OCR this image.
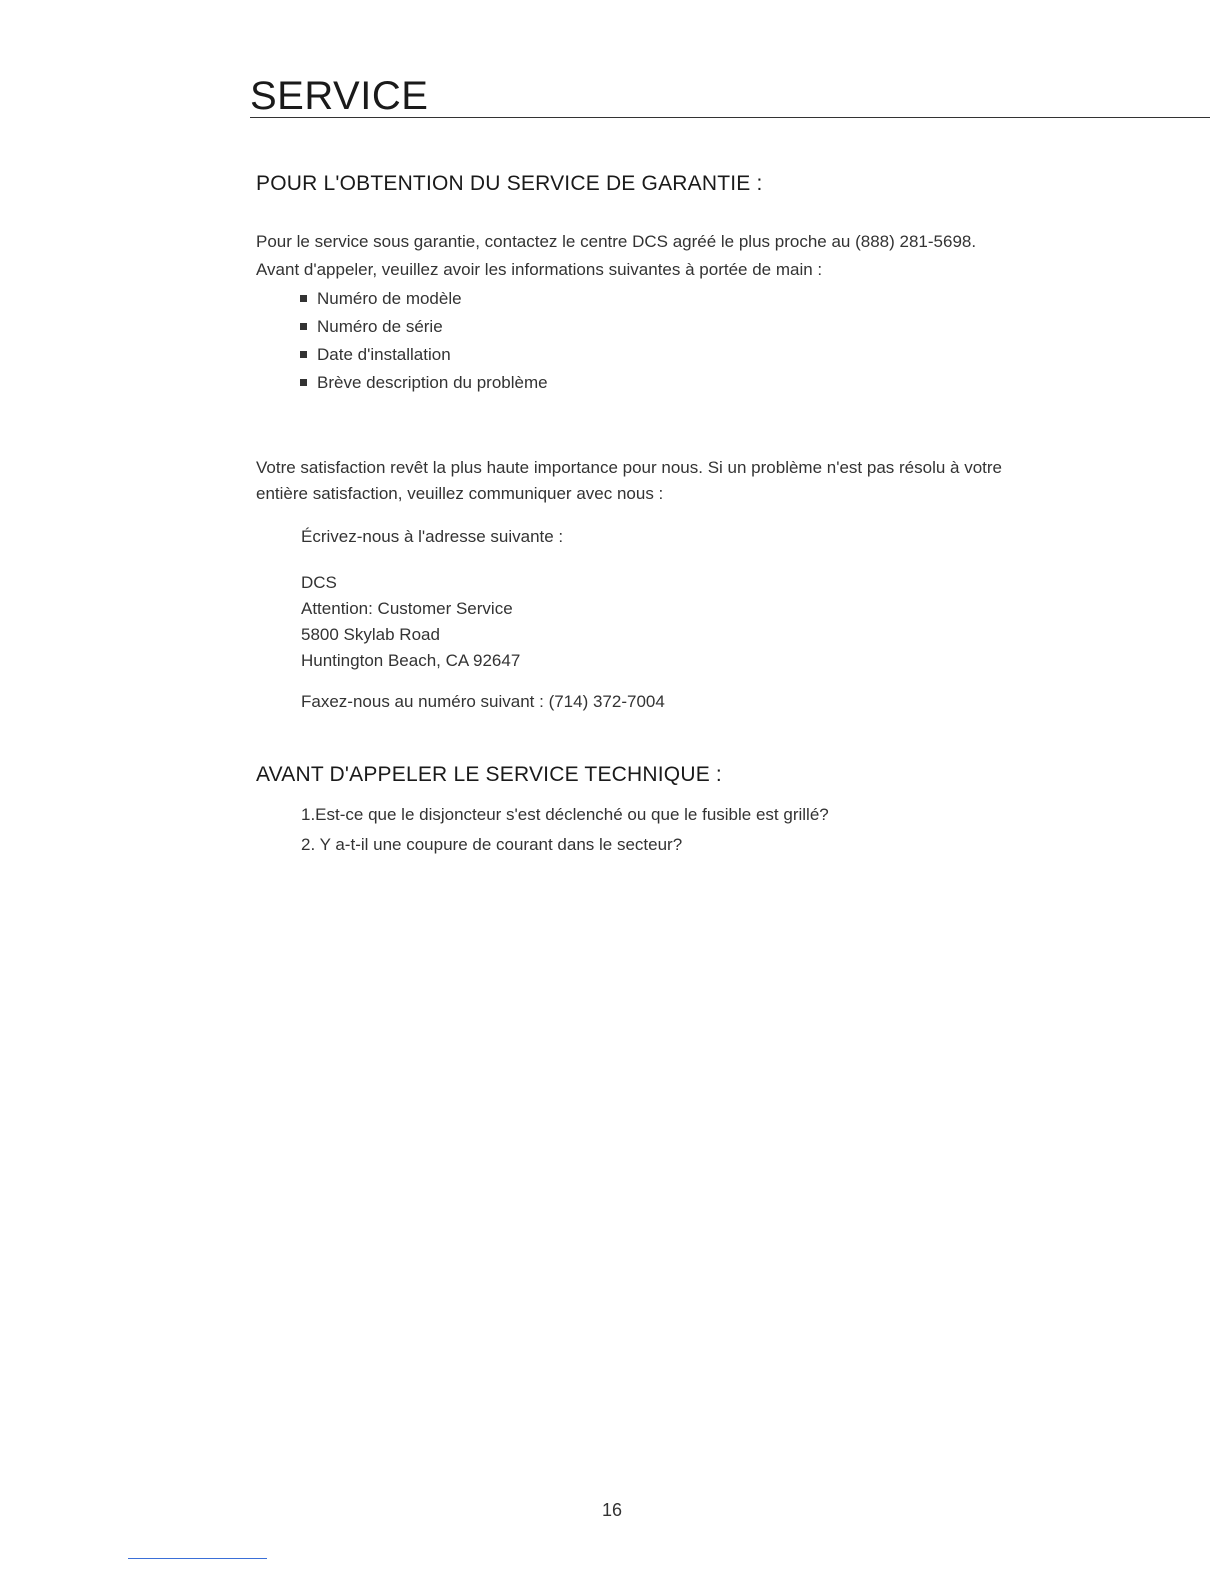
SERVICE
POUR L'OBTENTION DU SERVICE DE GARANTIE :

Pour le service sous garantie, contactez le centre DCS agréé le plus proche au (888) 281-5698.

Avant d'appeler, veuillez avoir les informations suivantes à portée de main :

Numéro de modèle
Numéro de série
Date d'installation
Brève description du problème

Votre satisfaction revêt la plus haute importance pour nous. Si un problème n'est pas résolu à votre

entière satisfaction, veuillez communiquer avec nous :

Écrivez-nous à l'adresse suivante :

DCS
Attention: Customer Service
5800 Skylab Road
Huntington Beach, CA 92647

Faxez-nous au numéro suivant : (714) 372-7004

AVANT D'APPELER LE SERVICE TECHNIQUE :
1.Est-ce que le disjoncteur s'est déclenché ou que le fusible est grillé?
2. Y a-t-il une coupure de courant dans le secteur?

16
